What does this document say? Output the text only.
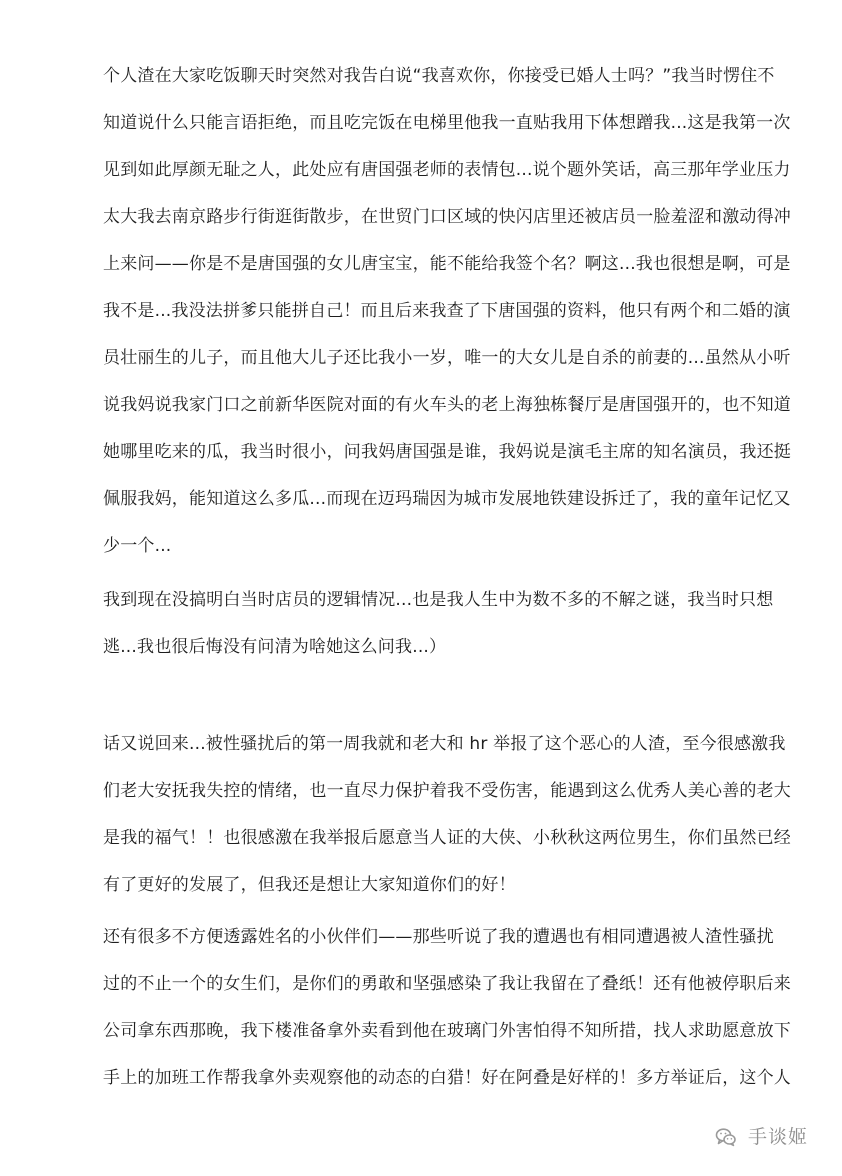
个人渣在大家吃饭聊天时突然对我告白说“我喜欢你，你接受已婚人士吗？”我当时愣住不
知道说什么只能言语拒绝，而且吃完饭在电梯里他我一直贴我用下体想蹭我...这是我第一次
见到如此厚颜无耻之人，此处应有唐国强老师的表情包...说个题外笑话，高三那年学业压力
太大我去南京路步行街逛街散步，在世贸门口区域的快闪店里还被店员一脸羞涩和激动得冲
上来问——你是不是唐国强的女儿唐宝宝，能不能给我签个名？啊这...我也很想是啊，可是
我不是...我没法拼爹只能拼自己！而且后来我查了下唐国强的资料，他只有两个和二婚的演
员壮丽生的儿子，而且他大儿子还比我小一岁，唯一的大女儿是自杀的前妻的...虽然从小听
说我妈说我家门口之前新华医院对面的有火车头的老上海独栋餐厅是唐国强开的，也不知道
她哪里吃来的瓜，我当时很小，问我妈唐国强是谁，我妈说是演毛主席的知名演员，我还挺
佩服我妈，能知道这么多瓜...而现在迈玛瑞因为城市发展地铁建设拆迁了，我的童年记忆又
少一个...
我到现在没搞明白当时店员的逻辑情况...也是我人生中为数不多的不解之谜，我当时只想
逃...我也很后悔没有问清为啥她这么问我...）
话又说回来...被性骚扰后的第一周我就和老大和 hr 举报了这个恶心的人渣，至今很感激我
们老大安抚我失控的情绪，也一直尽力保护着我不受伤害，能遇到这么优秀人美心善的老大
是我的福气！！也很感激在我举报后愿意当人证的大侠、小秋秋这两位男生，你们虽然已经
有了更好的发展了，但我还是想让大家知道你们的好！
还有很多不方便透露姓名的小伙伴们——那些听说了我的遭遇也有相同遭遇被人渣性骚扰
过的不止一个的女生们，是你们的勇敢和坚强感染了我让我留在了叠纸！还有他被停职后来
公司拿东西那晚，我下楼准备拿外卖看到他在玻璃门外害怕得不知所措，找人求助愿意放下
手上的加班工作帮我拿外卖观察他的动态的白猎！好在阿叠是好样的！多方举证后，这个人
手谈姬
